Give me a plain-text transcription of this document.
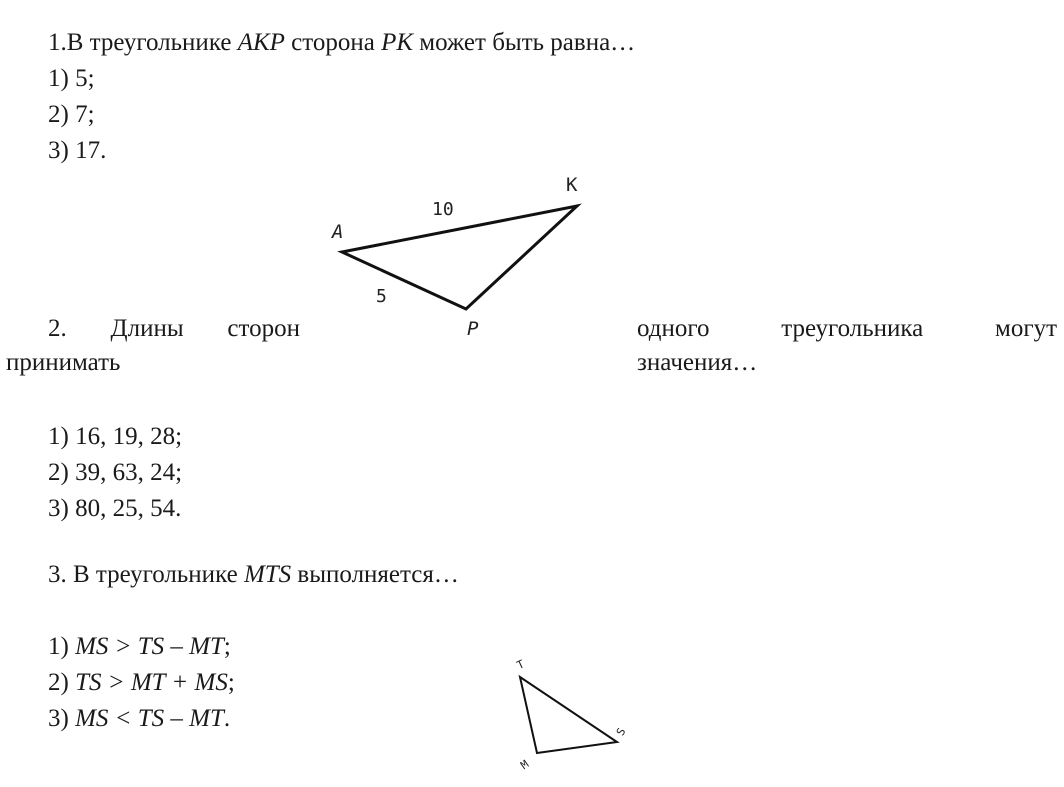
1.В треугольнике AKP сторона PK может быть равна…
1) 5;
2) 7;
3) 17.
A
K
P
10
5
2. Длины сторон
принимать
одного треугольника могут
значения…
1) 16, 19, 28;
2) 39, 63, 24;
3) 80, 25, 54.
3. В треугольнике MTS выполняется…
1) MS > TS – MT;
2) TS > MT + MS;
3) MS < TS – MT.
T
S
M
